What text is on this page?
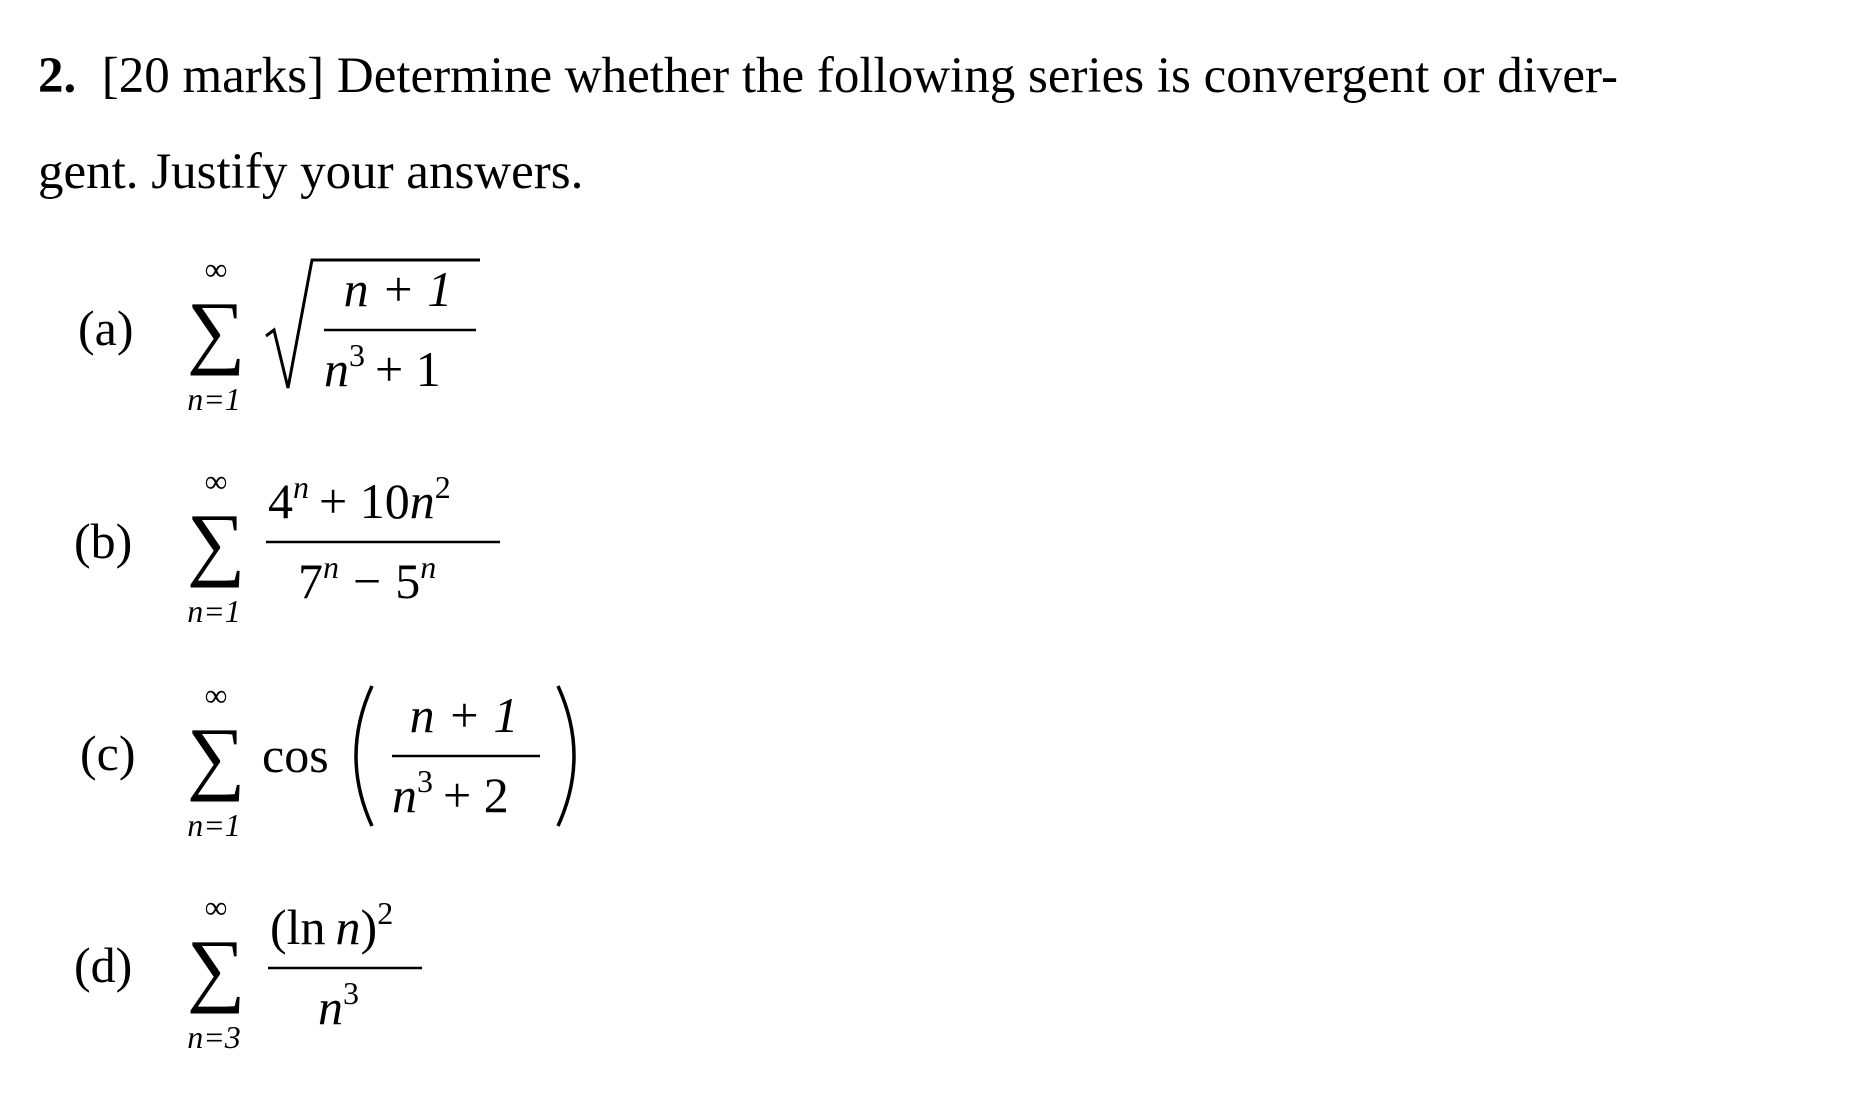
2. [20 marks] Determine whether the following series is convergent or diver-
gent. Justify your answers.
(a)
∞
∑
n=1
n + 1
$n^3 + 1$
(b)
∞
∑
n=1
$4^n + 10n^2$
$7^n - 5^n$
(c)
∞
∑
n=1
cos
n + 1
$n^3 + 2$
(d)
∞
∑
n=3
(ln n)$^2$
$n^3$
